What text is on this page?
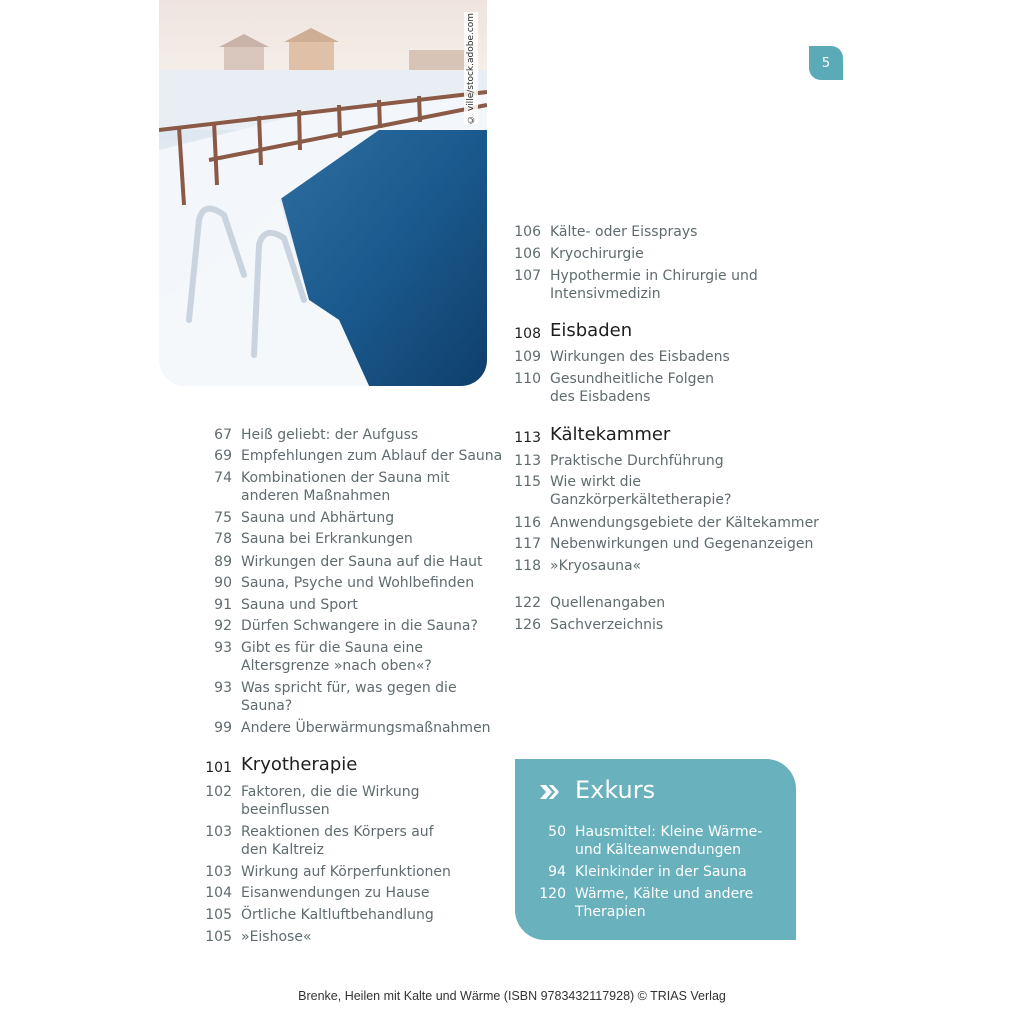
© ville/stock.adobe.com	5
67 Heiß geliebt: der Aufguss
69 Empfehlungen zum Ablauf der Sauna
74 Kombinationen der Sauna mit
anderen Maßnahmen
75 Sauna und Abhärtung
78 Sauna bei Erkrankungen
89 Wirkungen der Sauna auf die Haut
90 Sauna, Psyche und Wohlbefinden
91 Sauna und Sport
92 Dürfen Schwangere in die Sauna?
93 Gibt es für die Sauna eine
Altersgrenze »nach oben«?
93 Was spricht für, was gegen die
Sauna?
99 Andere Überwärmungsmaßnahmen
101 Kryotherapie
102 Faktoren, die die Wirkung
beeinflussen
103 Reaktionen des Körpers auf
den Kaltreiz
103 Wirkung auf Körperfunktionen
104 Eisanwendungen zu Hause
105 Örtliche Kaltluftbehandlung
105 »Eishose«
106 Kälte- oder Eissprays
106 Kryochirurgie
107 Hypothermie in Chirurgie und
Intensivmedizin
108 Eisbaden
109 Wirkungen des Eisbadens
110 Gesundheitliche Folgen
des Eisbadens
113 Kältekammer
113 Praktische Durchführung
115 Wie wirkt die
Ganzkörperkältetherapie?
116 Anwendungsgebiete der Kältekammer
117 Nebenwirkungen und Gegenanzeigen
118 »Kryosauna«
122 Quellenangaben
126 Sachverzeichnis
Exkurs
50 Hausmittel: Kleine Wärme-
und Kälteanwendungen
94 Kleinkinder in der Sauna
120 Wärme, Kälte und andere
Therapien
Brenke, Heilen mit Kalte und Wärme (ISBN 9783432117928) © TRIAS Verlag
